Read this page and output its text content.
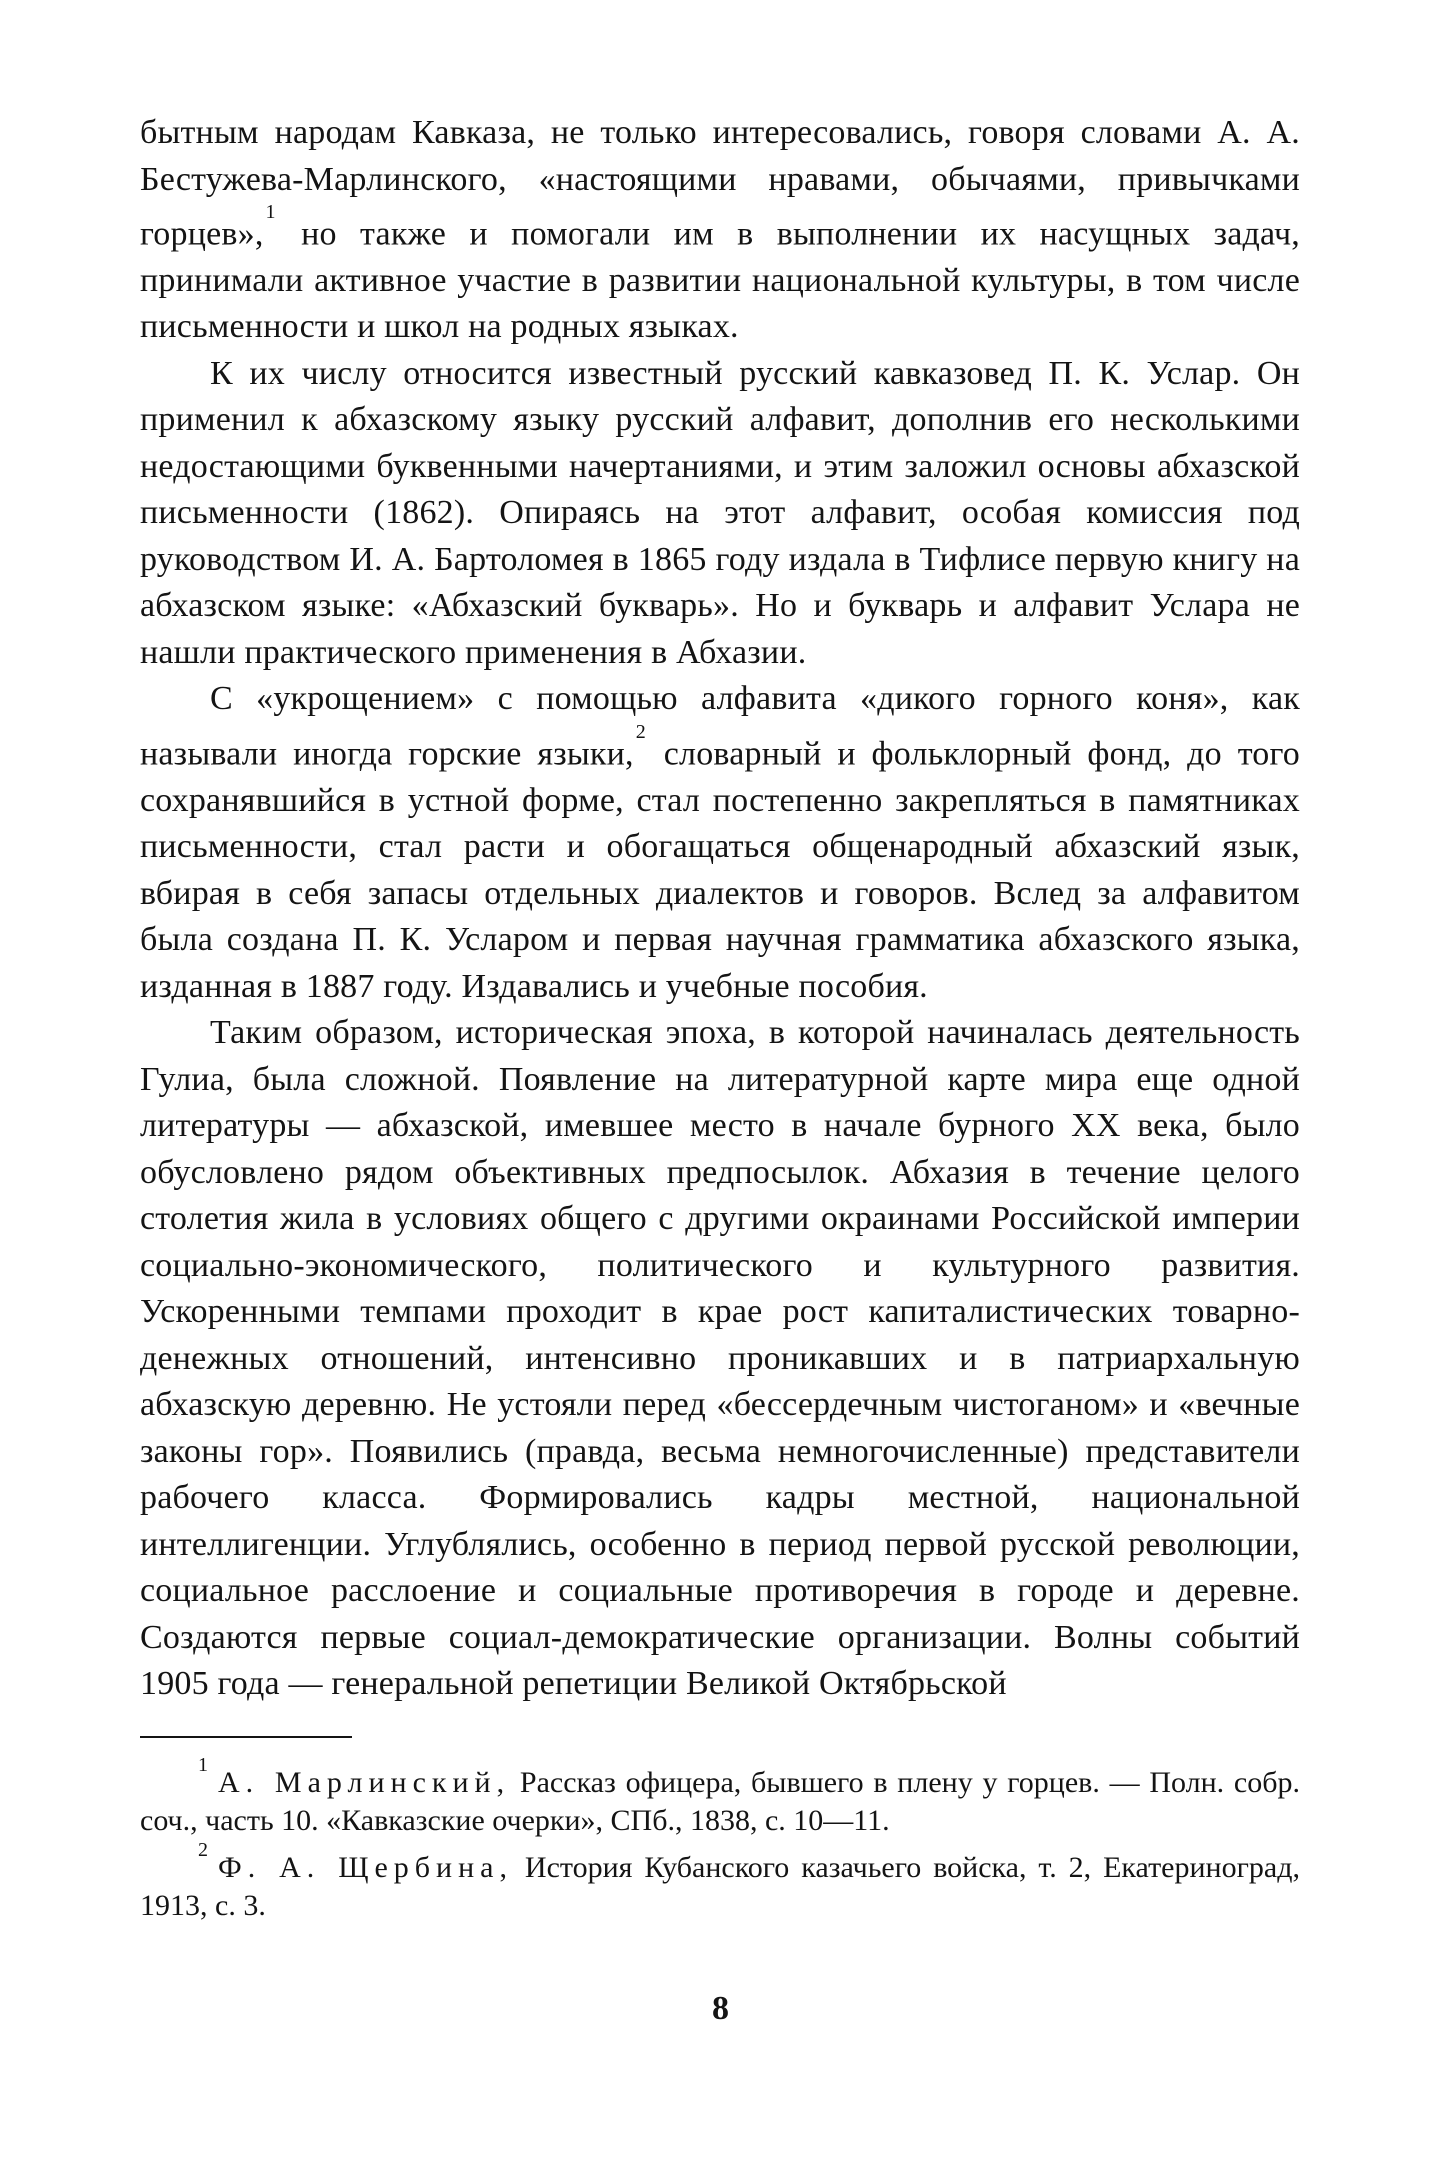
бытным народам Кавказа, не только интересовались, говоря словами А. А. Бестужева-Марлинского, «настоящими нравами, обычаями, привычками горцев»,$^1$ но также и помогали им в выполнении их насущных задач, принимали активное участие в развитии национальной культуры, в том числе письменности и школ на родных языках.

К их числу относится известный русский кавказовед П. К. Услар. Он применил к абхазскому языку русский алфавит, дополнив его несколькими недостающими буквенными начертаниями, и этим заложил основы абхазской письменности (1862). Опираясь на этот алфавит, особая комиссия под руководством И. А. Бартоломея в 1865 году издала в Тифлисе первую книгу на абхазском языке: «Абхазский букварь». Но и букварь и алфавит Услара не нашли практического применения в Абхазии.

С «укрощением» с помощью алфавита «дикого горного коня», как называли иногда горские языки,$^2$ словарный и фольклорный фонд, до того сохранявшийся в устной форме, стал постепенно закрепляться в памятниках письменности, стал расти и обогащаться общенародный абхазский язык, вбирая в себя запасы отдельных диалектов и говоров. Вслед за алфавитом была создана П. К. Усларом и первая научная грамматика абхазского языка, изданная в 1887 году. Издавались и учебные пособия.

Таким образом, историческая эпоха, в которой начиналась деятельность Гулиа, была сложной. Появление на литературной карте мира еще одной литературы — абхазской, имевшее место в начале бурного XX века, было обусловлено рядом объективных предпосылок. Абхазия в течение целого столетия жила в условиях общего с другими окраинами Российской империи социально-экономического, политического и культурного развития. Ускоренными темпами проходит в крае рост капиталистических товарно-денежных отношений, интенсивно проникавших и в патриархальную абхазскую деревню. Не устояли перед «бессердечным чистоганом» и «вечные законы гор». Появились (правда, весьма немногочисленные) представители рабочего класса. Формировались кадры местной, национальной интеллигенции. Углублялись, особенно в период первой русской революции, социальное расслоение и социальные противоречия в городе и деревне. Создаются первые социал-демократические организации. Волны событий 1905 года — генеральной репетиции Великой Октябрьской

$^1$А. Марлинский, Рассказ офицера, бывшего в плену у горцев. — Полн. собр. соч., часть 10. «Кавказские очерки», СПб., 1838, с. 10—11.

$^2$Ф. А. Щербина, История Кубанского казачьего войска, т. 2, Екатериноград, 1913, с. 3.

8
